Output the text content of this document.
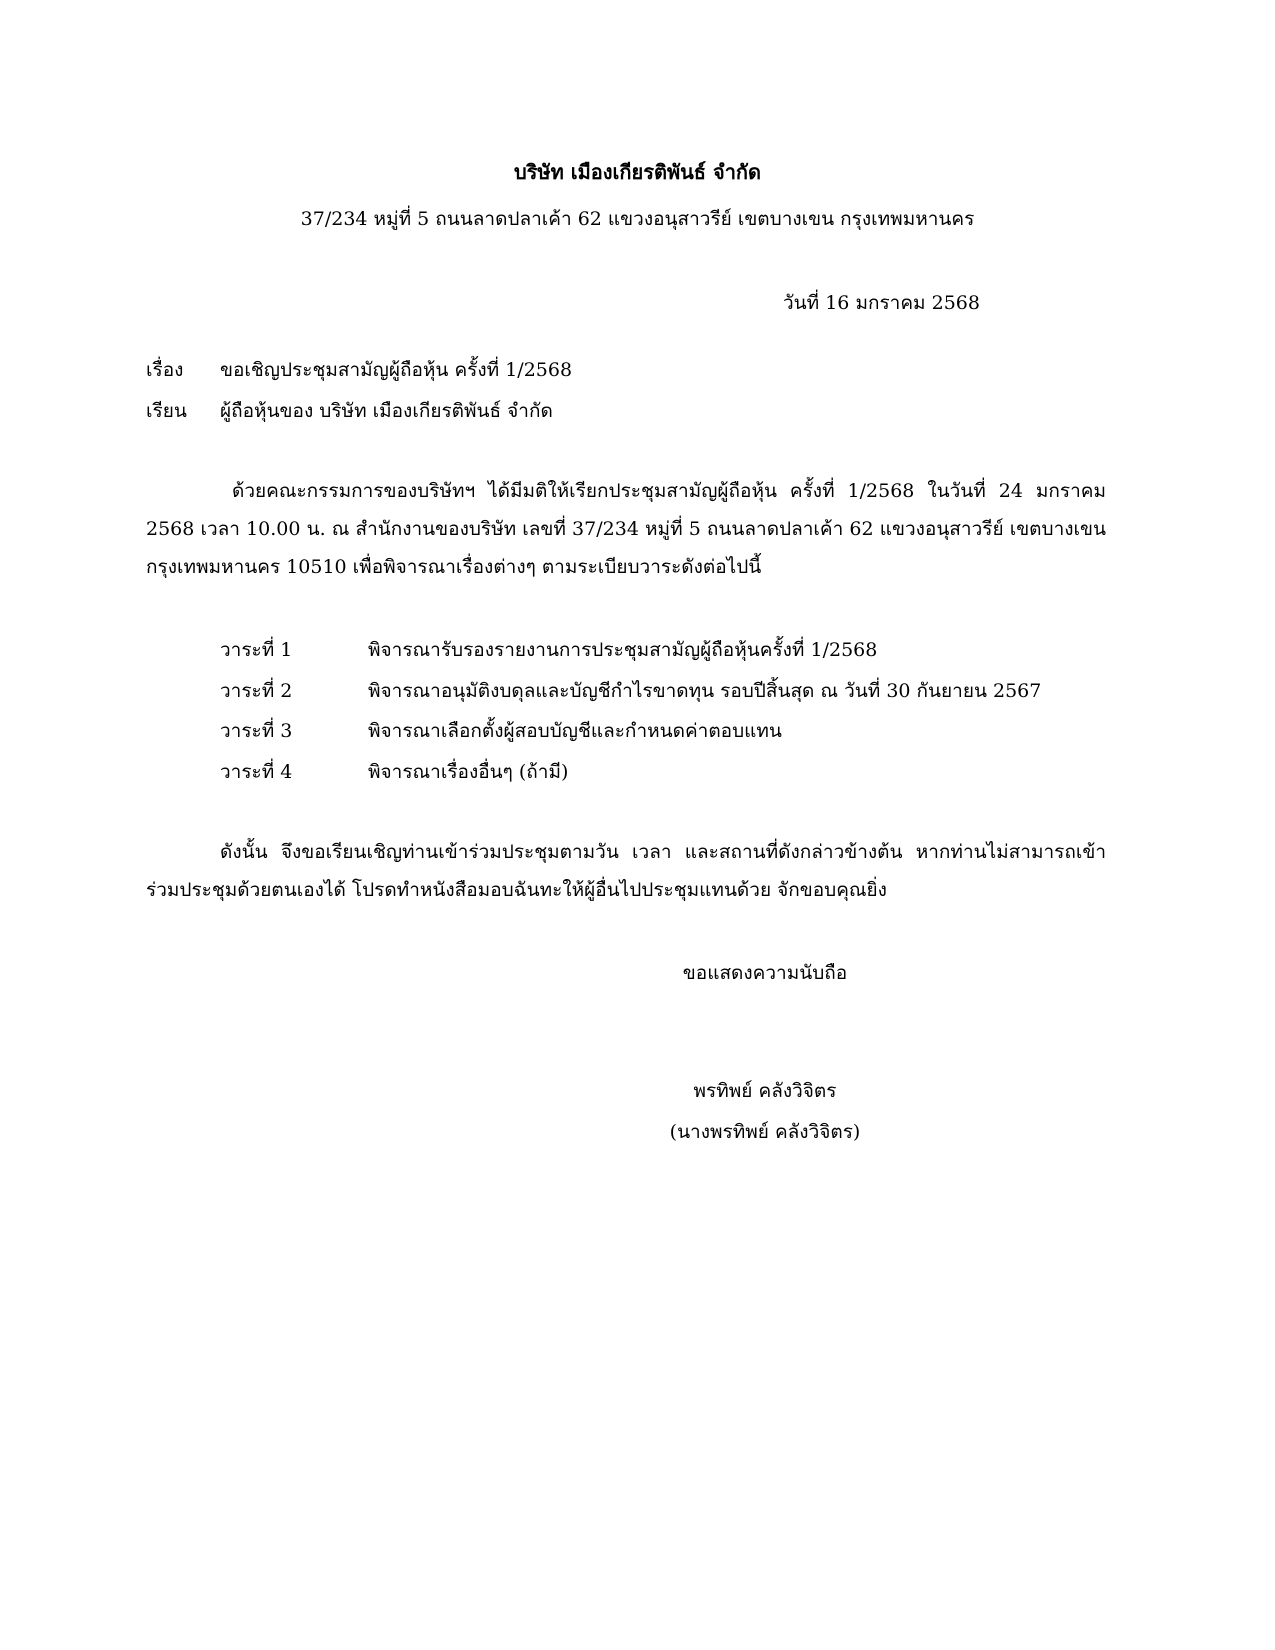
บริษัท เมืองเกียรติพันธ์ จำกัด
37/234 หมู่ที่ 5 ถนนลาดปลาเค้า 62 แขวงอนุสาวรีย์ เขตบางเขน กรุงเทพมหานคร
วันที่ 16 มกราคม 2568
เรื่อง ขอเชิญประชุมสามัญผู้ถือหุ้น ครั้งที่ 1/2568
เรียน ผู้ถือหุ้นของ บริษัท เมืองเกียรติพันธ์ จำกัด
ด้วยคณะกรรมการของบริษัทฯ ได้มีมติให้เรียกประชุมสามัญผู้ถือหุ้น ครั้งที่ 1/2568 ในวันที่ 24 มกราคม 2568 เวลา 10.00 น. ณ สำนักงานของบริษัท เลขที่ 37/234 หมู่ที่ 5 ถนนลาดปลาเค้า 62 แขวงอนุสาวรีย์ เขตบางเขน กรุงเทพมหานคร 10510 เพื่อพิจารณาเรื่องต่างๆ ตามระเบียบวาระดังต่อไปนี้
วาระที่ 1	พิจารณารับรองรายงานการประชุมสามัญผู้ถือหุ้นครั้งที่ 1/2568
วาระที่ 2	พิจารณาอนุมัติงบดุลและบัญชีกำไรขาดทุน รอบปีสิ้นสุด ณ วันที่ 30 กันยายน 2567
วาระที่ 3	พิจารณาเลือกตั้งผู้สอบบัญชีและกำหนดค่าตอบแทน
วาระที่ 4	พิจารณาเรื่องอื่นๆ (ถ้ามี)
ดังนั้น จึงขอเรียนเชิญท่านเข้าร่วมประชุมตามวัน เวลา และสถานที่ดังกล่าวข้างต้น หากท่านไม่สามารถเข้าร่วมประชุมด้วยตนเองได้ โปรดทำหนังสือมอบฉันทะให้ผู้อื่นไปประชุมแทนด้วย จักขอบคุณยิ่ง
ขอแสดงความนับถือ
พรทิพย์ คลังวิจิตร
(นางพรทิพย์ คลังวิจิตร)
